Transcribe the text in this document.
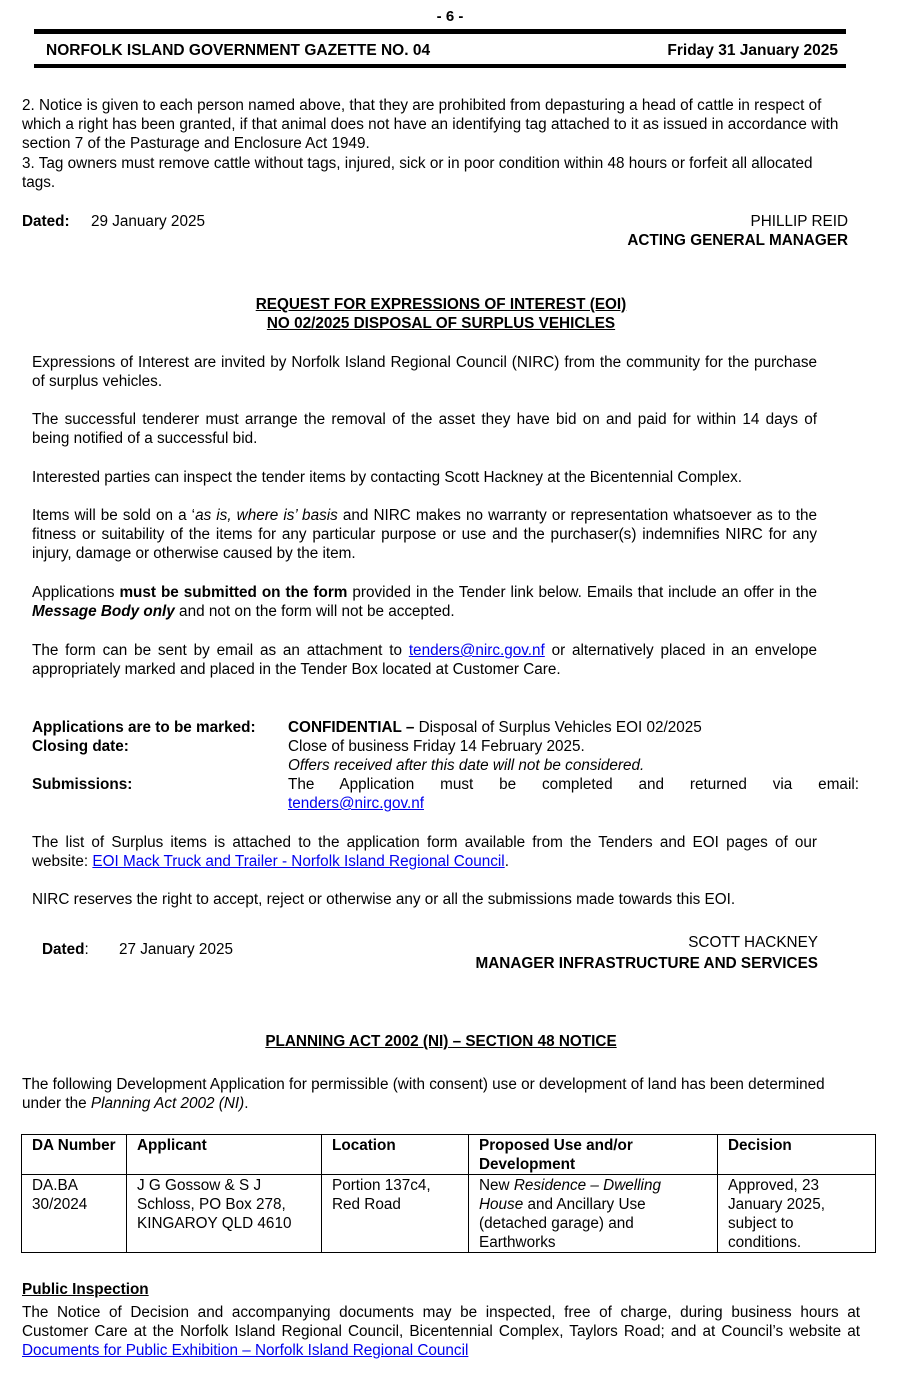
- 6 -
NORFOLK ISLAND GOVERNMENT GAZETTE NO. 04	Friday 31 January 2025

2. Notice is given to each person named above, that they are prohibited from depasturing a head of cattle in respect of which a right has been granted, if that animal does not have an identifying tag attached to it as issued in accordance with section 7 of the Pasturage and Enclosure Act 1949.

3. Tag owners must remove cattle without tags, injured, sick or in poor condition within 48 hours or forfeit all allocated tags.

Dated: 29 January 2025	PHILLIP REID
ACTING GENERAL MANAGER
REQUEST FOR EXPRESSIONS OF INTEREST (EOI)
NO 02/2025 DISPOSAL OF SURPLUS VEHICLES

Expressions of Interest are invited by Norfolk Island Regional Council (NIRC) from the community for the purchase of surplus vehicles.

The successful tenderer must arrange the removal of the asset they have bid on and paid for within 14 days of being notified of a successful bid.

Interested parties can inspect the tender items by contacting Scott Hackney at the Bicentennial Complex.

Items will be sold on a ‘as is, where is’ basis and NIRC makes no warranty or representation whatsoever as to the fitness or suitability of the items for any particular purpose or use and the purchaser(s) indemnifies NIRC for any injury, damage or otherwise caused by the item.

Applications must be submitted on the form provided in the Tender link below. Emails that include an offer in the Message Body only and not on the form will not be accepted.

The form can be sent by email as an attachment to tenders@nirc.gov.nf or alternatively placed in an envelope appropriately marked and placed in the Tender Box located at Customer Care.

Applications are to be marked: CONFIDENTIAL – Disposal of Surplus Vehicles EOI 02/2025
Closing date:	Close of business Friday 14 February 2025.
Offers received after this date will not be considered.
Submissions:	The Application must be completed and returned via email:
tenders@nirc.gov.nf

The list of Surplus items is attached to the application form available from the Tenders and EOI pages of our website: EOI Mack Truck and Trailer - Norfolk Island Regional Council.

NIRC reserves the right to accept, reject or otherwise any or all the submissions made towards this EOI.

Dated: 27 January 2025	SCOTT HACKNEY
MANAGER INFRASTRUCTURE AND SERVICES
PLANNING ACT 2002 (NI) – SECTION 48 NOTICE

The following Development Application for permissible (with consent) use or development of land has been determined under the Planning Act 2002 (NI).

DA Number	Applicant	Location	Proposed Use and/or Development	Decision
DA.BA 30/2024	J G Gossow & S J Schloss, PO Box 278, KINGAROY QLD 4610	Portion 137c4, Red Road	New Residence – Dwelling House and Ancillary Use (detached garage) and Earthworks	Approved, 23 January 2025, subject to conditions.
Public Inspection

The Notice of Decision and accompanying documents may be inspected, free of charge, during business hours at Customer Care at the Norfolk Island Regional Council, Bicentennial Complex, Taylors Road; and at Council’s website at Documents for Public Exhibition – Norfolk Island Regional Council
